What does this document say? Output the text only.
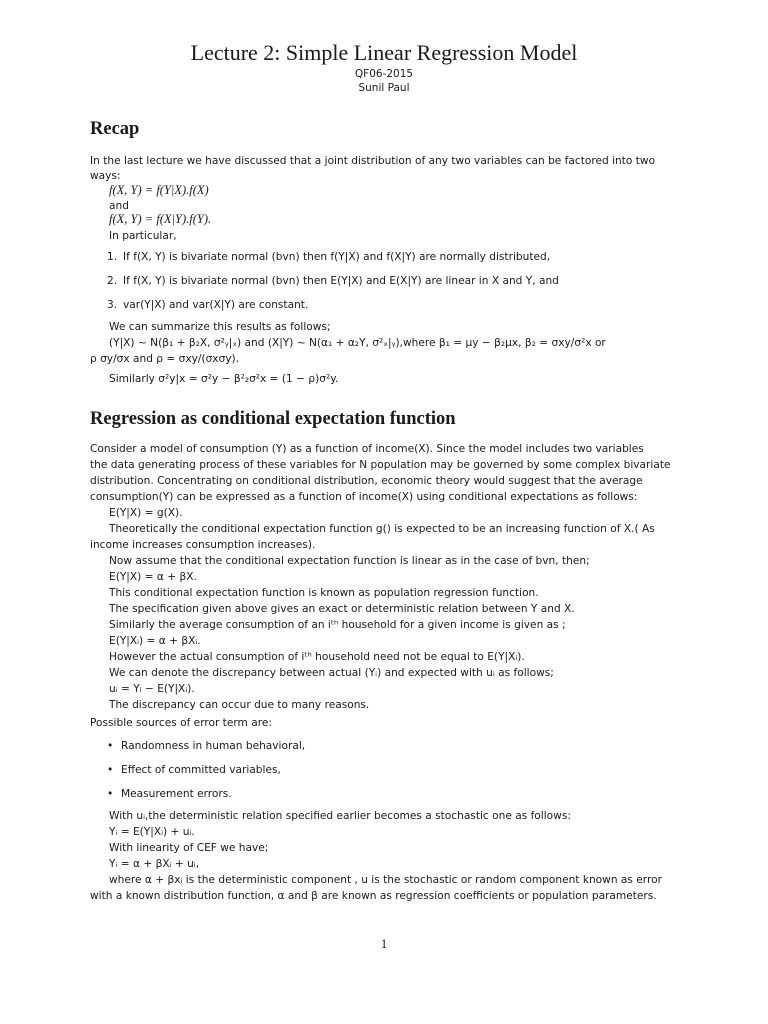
Lecture 2: Simple Linear Regression Model
QF06-2015
Sunil Paul
Recap
In the last lecture we have discussed that a joint distribution of any two variables can be factored into two
ways:
f(X, Y) = f(Y|X).f(X)
and
f(X, Y) = f(X|Y).f(Y).
In particular,
1. If f(X, Y) is bivariate normal (bvn) then f(Y|X) and f(X|Y) are normally distributed,
2. If f(X, Y) is bivariate normal (bvn) then E(Y|X) and E(X|Y) are linear in X and Y, and
3. var(Y|X) and var(X|Y) are constant.
We can summarize this results as follows;
(Y|X) ~ N(β₁ + β₂X, σ²ᵧ|ₓ) and (X|Y) ~ N(α₁ + α₂Y, σ²ₓ|ᵧ),where β₁ = μy − β₂μx, β₂ = σxy/σ²x or
ρ σy/σx and ρ = σxy/(σxσy).
Similarly σ²y|x = σ²y − β²₂σ²x = (1 − ρ)σ²y.
Regression as conditional expectation function
Consider a model of consumption (Y) as a function of income(X). Since the model includes two variables
the data generating process of these variables for N population may be governed by some complex bivariate
distribution. Concentrating on conditional distribution, economic theory would suggest that the average
consumption(Y) can be expressed as a function of income(X) using conditional expectations as follows:
E(Y|X) = g(X).
Theoretically the conditional expectation function g() is expected to be an increasing function of X.( As
income increases consumption increases).
Now assume that the conditional expectation function is linear as in the case of bvn, then;
E(Y|X) = α + βX.
This conditional expectation function is known as population regression function.
The specification given above gives an exact or deterministic relation between Y and X.
Similarly the average consumption of an iᵗʰ household for a given income is given as ;
E(Y|Xᵢ) = α + βXᵢ.
However the actual consumption of iᵗʰ household need not be equal to E(Y|Xᵢ).
We can denote the discrepancy between actual (Yᵢ) and expected with uᵢ as follows;
uᵢ = Yᵢ − E(Y|Xᵢ).
The discrepancy can occur due to many reasons.
Possible sources of error term are:
• Randomness in human behavioral,
• Effect of committed variables,
• Measurement errors.
With uᵢ,the deterministic relation specified earlier becomes a stochastic one as follows:
Yᵢ = E(Y|Xᵢ) + uᵢ.
With linearity of CEF we have;
Yᵢ = α + βXᵢ + uᵢ,
where α + βxᵢ is the deterministic component , u is the stochastic or random component known as error
with a known distribution function, α and β are known as regression coefficients or population parameters.
1
